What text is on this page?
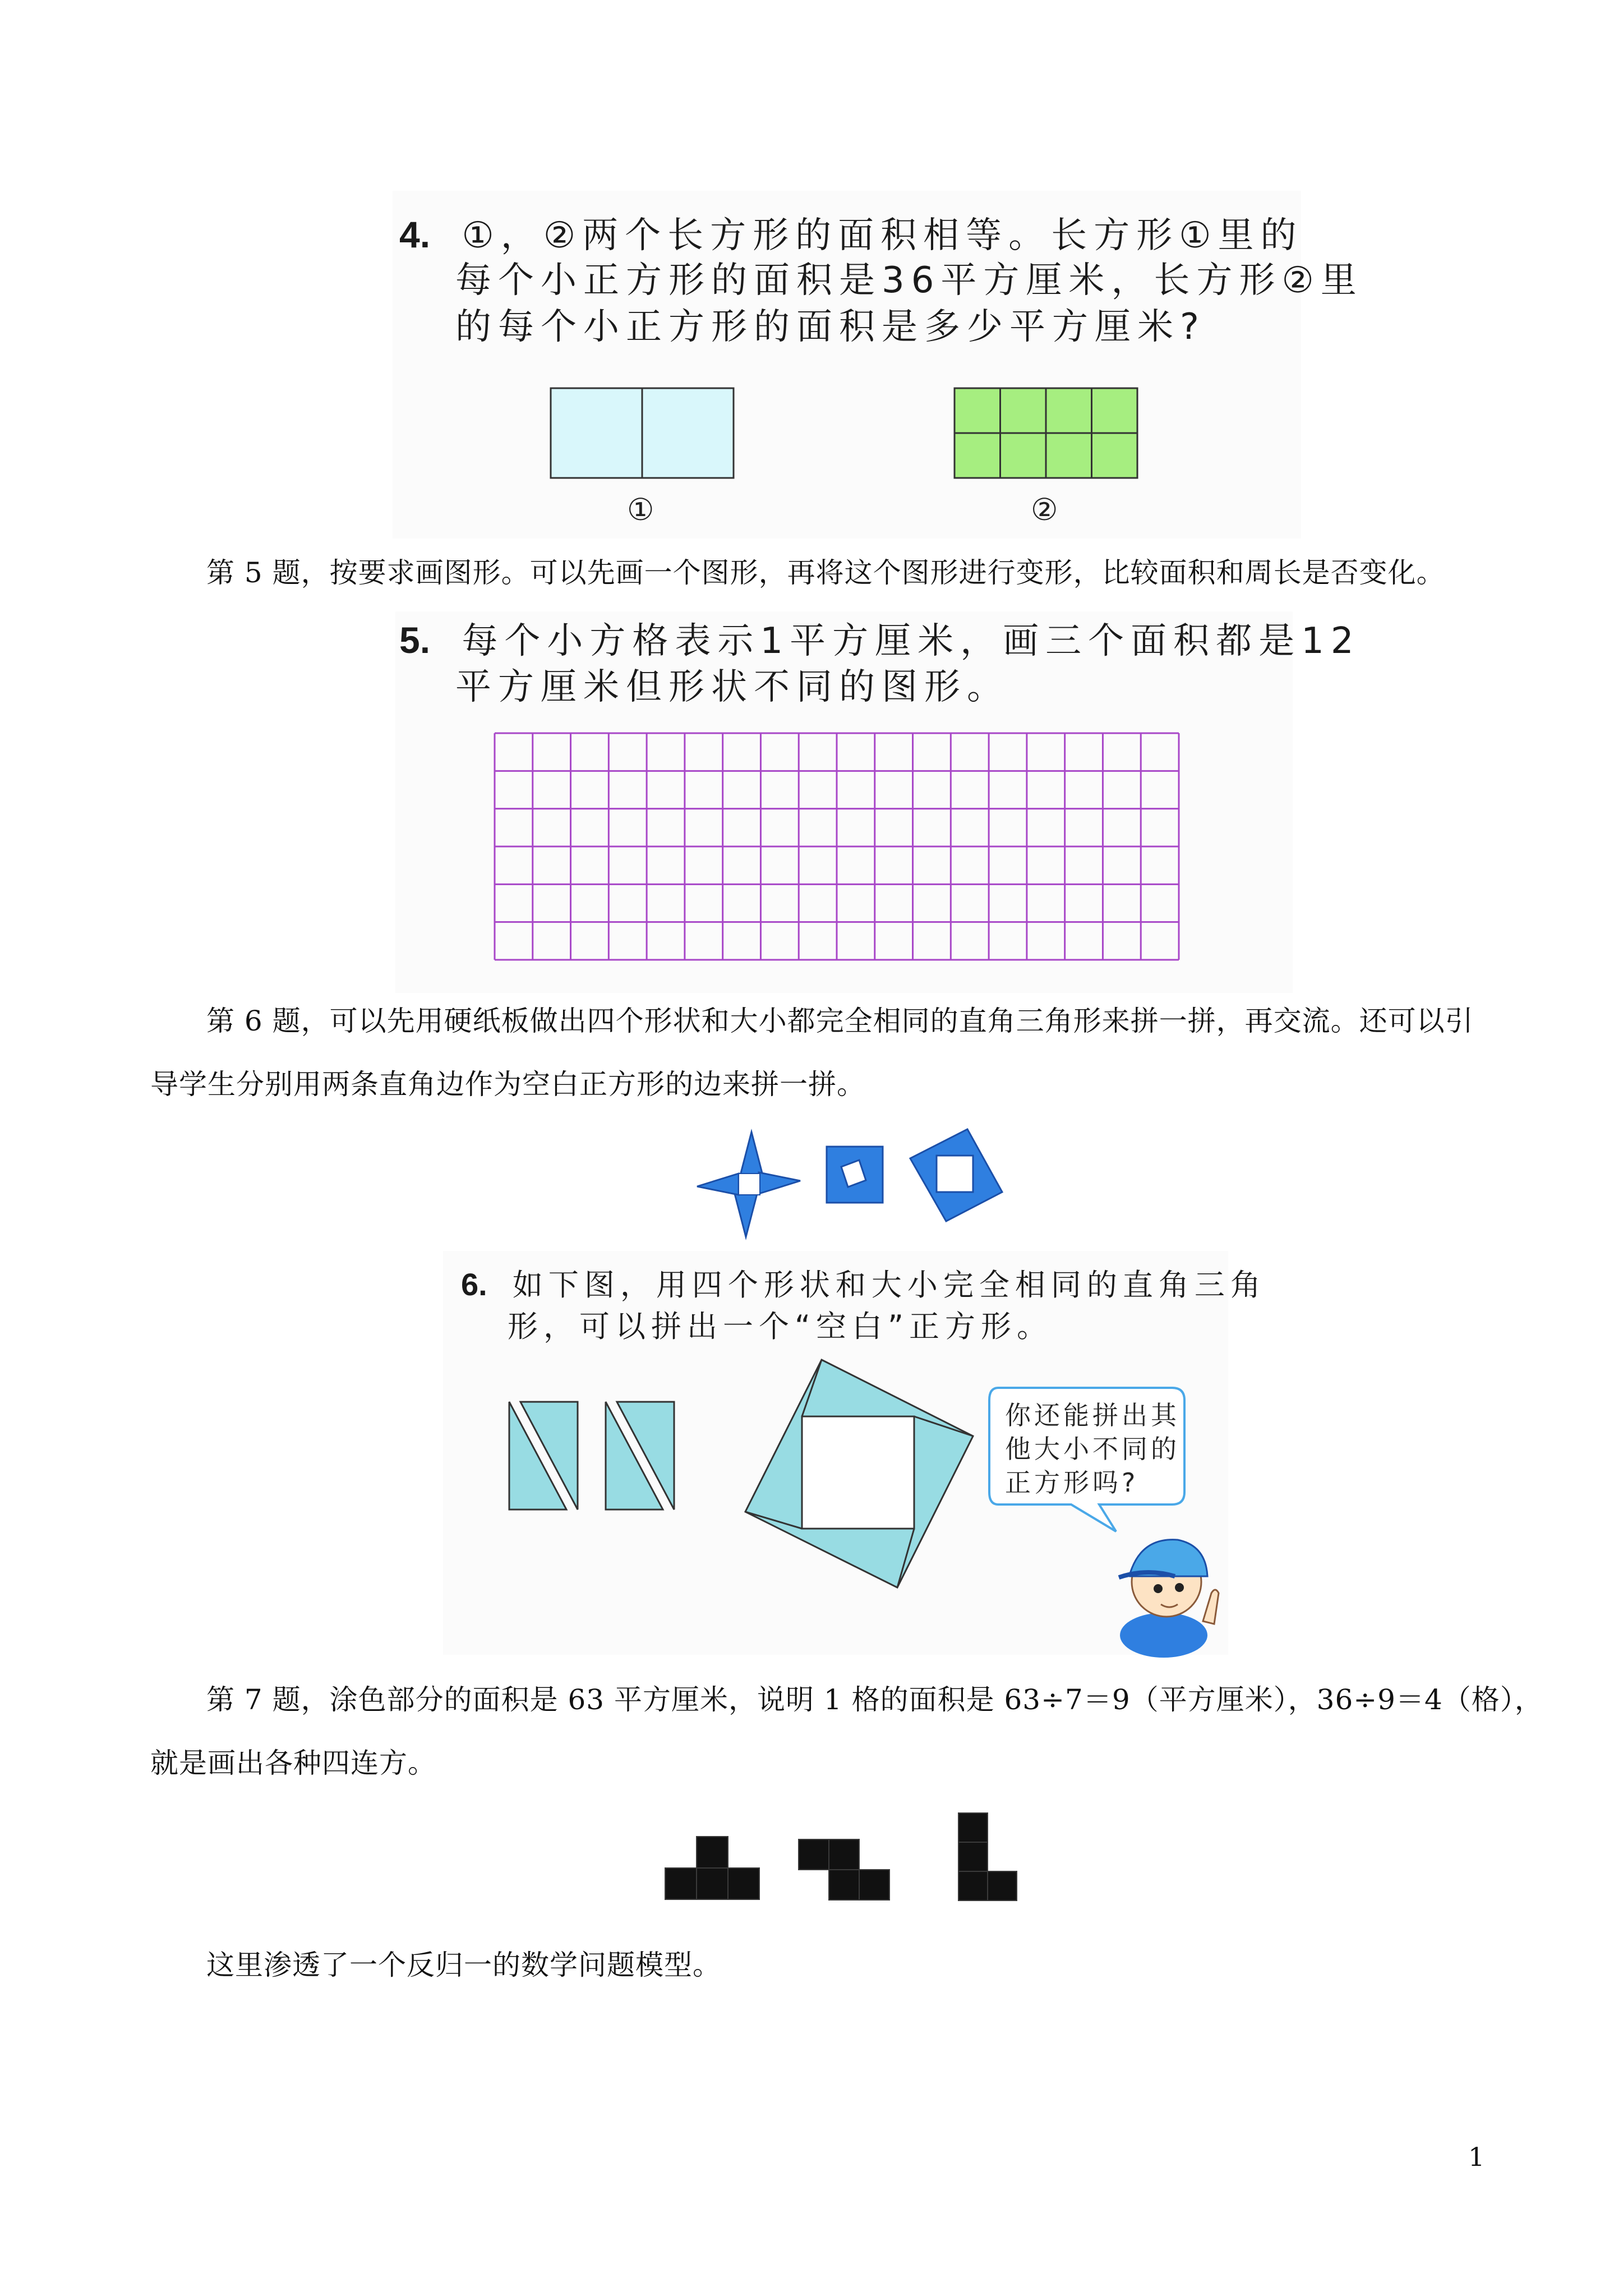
4. ①，②两个长方形的面积相等。长方形①里的
每个小正方形的面积是36平方厘米，长方形②里
的每个小正方形的面积是多少平方厘米?
①	②
第 5 题，按要求画图形。可以先画一个图形，再将这个图形进行变形，比较面积和周长是否变化。
5. 每个小方格表示1平方厘米，画三个面积都是12
平方厘米但形状不同的图形。
第 6 题，可以先用硬纸板做出四个形状和大小都完全相同的直角三角形来拼一拼，再交流。还可以引
导学生分别用两条直角边作为空白正方形的边来拼一拼。
6. 如下图，用四个形状和大小完全相同的直角三角
形，可以拼出一个“空白”正方形。
你还能拼出其
他大小不同的
正方形吗?
第 7 题，涂色部分的面积是 63 平方厘米，说明 1 格的面积是 63÷7＝9（平方厘米），36÷9＝4（格），
就是画出各种四连方。
这里渗透了一个反归一的数学问题模型。
1
